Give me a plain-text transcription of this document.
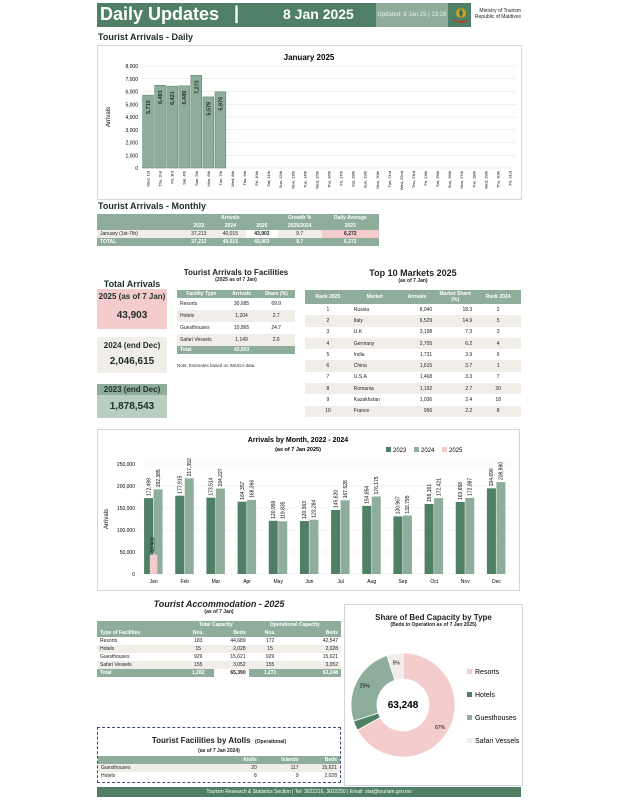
Daily Updates |	8 Jan 2025	Updated: 8 Jan 25 | 13:28
Ministry of Tourism
Republic of Maldives
Tourist Arrivals - Daily
January 2025
Arrivals
0
1,000
2,000
3,000
4,000
5,000
6,000
7,000
8,000
5,715
Wed, 1st
6,491
Thu, 2nd
6,421
Fri, 3rd
6,449
Sat, 4th
7,273
Sun, 5th
5,579
Mon, 6th
5,975
Tue, 7th Wed, 8th Thu, 9th Fri, 10th Sat, 11th Sun, 12th Mon, 13th Tue, 14th Wed, 15th Thu, 16th Fri, 17th Sat, 18th Sun, 19th Mon, 20th Tue, 21st Wed, 22nd Thu, 23rd Fri, 24th Sat, 25th Sun, 26th Mon, 27th Tue, 28th Wed, 29th Thu, 30th Fri, 31st
Tourist Arrivals - Monthly
	Arrivals			Growth %	Daily Average
	2023	2024	2025	2025/2024	2025
January (1st-7th)	37,213	40,015	43,903	9.7	6,272
TOTAL	37,213	40,015	43,903	9.7	6,272
Total Arrivals
2025 (as of 7 Jan)
43,903
2024 (end Dec)
2,046,615
2023 (end Dec)
1,878,543
Tourist Arrivals to Facilities
(2025 as of 7 Jan)
Facility Type	Arrivals	Share (%)
Resorts	30,685	69.9
Hotels	1,204	2.7
Guesthouses	10,865	24.7
Safari Vessels	1,149	2.6
Total	43,903	
Note: Estimates based on IMUGA data
Top 10 Markets 2025
(as of 7 Jan)
Rank 2025	Market	Arrivals	Market Share (%)	Rank 2024
1	Russia	8,040	18.3	2
2	Italy	6,529	14.9	5
3	U.K	3,198	7.3	3
4	Germany	2,705	6.2	4
5	India	1,731	3.9	6
6	China	1,615	3.7	1
7	U.S.A	1,468	3.3	7
8	Romania	1,192	2.7	20
9	Kazakhstan	1,036	2.4	18
10	France	956	2.2	8
Arrivals by Month, 2022 - 2024
(as of 7 Jan 2025)
Arrivals
0
50,000
100,000
150,000
200,000
250,000
2023 2024 2025
172,499 192,385
43,903
Jan
177,915
217,392
Feb
173,514
194,227
Mar
164,357 168,366
Apr
120,959 119,835
May
120,363 123,284
Jun
145,620
167,528
Jul
154,854
176,175
Aug
130,967 132,795
Sep
159,161 172,421
Oct
163,658 172,987
Nov
194,696 208,980
Dec
Tourist Accommodation - 2025
(as of 7 Jan)
	Total Capacity		Operational Capacity	
Type of Facilities	Nos.	Beds	Nos.	Beds
Resorts	183	44,689	172	42,547
Hotels	15	2,028	15	2,028
Guesthouses	929	15,621	929	15,621
Safari Vessels	155	3,052	155	3,052
Total	1,282	65,390	1,271	63,248
Tourist Facilities by Atolls (Operational)
(as of 7 Jan 2024)
	Atolls	Islands	Beds
Guesthouses	20	117	15,621
Hotels	8	9	2,028
Share of Bed Capacity by Type
(Beds in Operation as of 7 Jan 2025)
67%
25%
5%
63,248
Resorts
Hotels
Guesthouses
Safari Vessels
Tourism Research & Statistics Section | Tel: 3022216, 3022250 | Email: stat@tourism.gov.mv
